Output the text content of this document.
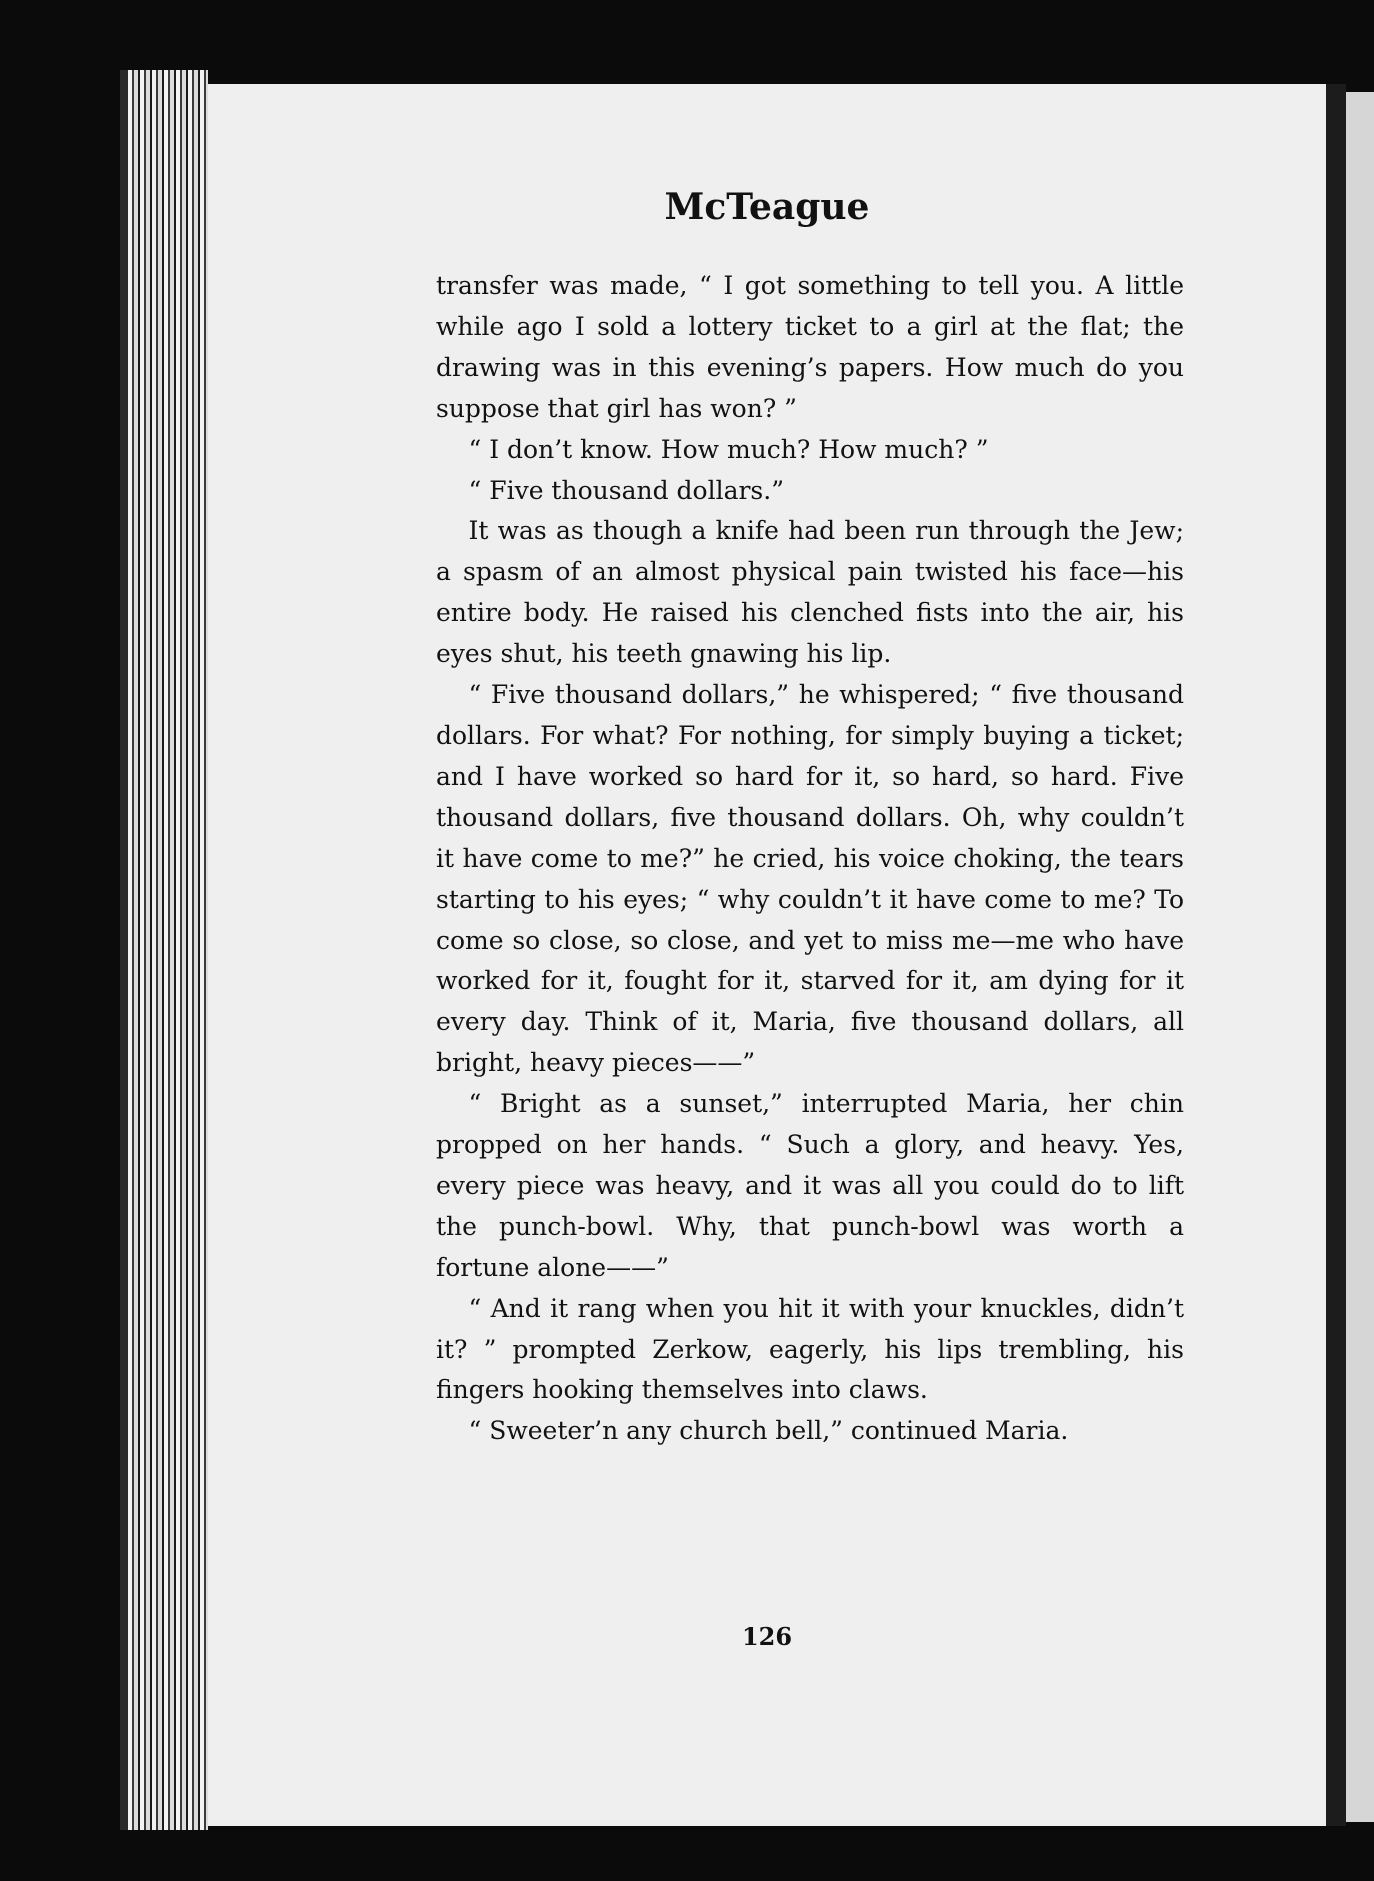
McTeague

transfer was made, “ I got something to tell you. A little while ago I sold a lottery ticket to a girl at the flat; the drawing was in this evening’s papers. How much do you suppose that girl has won? ”

“ I don’t know. How much? How much? ”

“ Five thousand dollars.”

It was as though a knife had been run through the Jew; a spasm of an almost physical pain twisted his face—his entire body. He raised his clenched fists into the air, his eyes shut, his teeth gnawing his lip.

“ Five thousand dollars,” he whispered; “ five thousand dollars. For what? For nothing, for simply buying a ticket; and I have worked so hard for it, so hard, so hard. Five thousand dollars, five thousand dollars. Oh, why couldn’t it have come to me?” he cried, his voice choking, the tears starting to his eyes; “ why couldn’t it have come to me? To come so close, so close, and yet to miss me—me who have worked for it, fought for it, starved for it, am dying for it every day. Think of it, Maria, five thousand dollars, all bright, heavy pieces——”

“ Bright as a sunset,” interrupted Maria, her chin propped on her hands. “ Such a glory, and heavy. Yes, every piece was heavy, and it was all you could do to lift the punch-bowl. Why, that punch-bowl was worth a fortune alone——”

“ And it rang when you hit it with your knuckles, didn’t it? ” prompted Zerkow, eagerly, his lips trembling, his fingers hooking themselves into claws.

“ Sweeter’n any church bell,” continued Maria.

126
